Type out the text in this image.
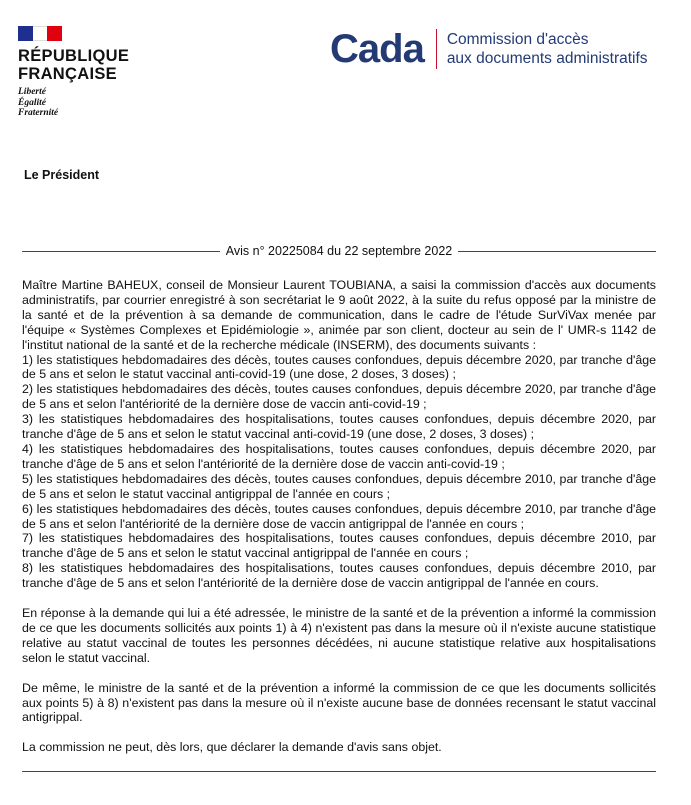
RÉPUBLIQUE
FRANÇAISE
Liberté
Égalité
Fraternité
Cada Commission d'accès
aux documents administratifs
Le Président
Avis n° 20225084 du 22 septembre 2022

Maître Martine BAHEUX, conseil de Monsieur Laurent TOUBIANA, a saisi la commission d'accès aux documents administratifs, par courrier enregistré à son secrétariat le 9 août 2022, à la suite du refus opposé par la ministre de la santé et de la prévention à sa demande de communication, dans le cadre de l'étude SurViVax menée par l'équipe « Systèmes Complexes et Epidémiologie », animée par son client, docteur au sein de l' UMR-s 1142 de l'institut national de la santé et de la recherche médicale (INSERM), des documents suivants :

1) les statistiques hebdomadaires des décès, toutes causes confondues, depuis décembre 2020, par tranche d'âge de 5 ans et selon le statut vaccinal anti-covid-19 (une dose, 2 doses, 3 doses) ;

2) les statistiques hebdomadaires des décès, toutes causes confondues, depuis décembre 2020, par tranche d'âge de 5 ans et selon l'antériorité de la dernière dose de vaccin anti-covid-19 ;

3) les statistiques hebdomadaires des hospitalisations, toutes causes confondues, depuis décembre 2020, par tranche d'âge de 5 ans et selon le statut vaccinal anti-covid-19 (une dose, 2 doses, 3 doses) ;

4) les statistiques hebdomadaires des hospitalisations, toutes causes confondues, depuis décembre 2020, par tranche d'âge de 5 ans et selon l'antériorité de la dernière dose de vaccin anti-covid-19 ;

5) les statistiques hebdomadaires des décès, toutes causes confondues, depuis décembre 2010, par tranche d'âge de 5 ans et selon le statut vaccinal antigrippal de l'année en cours ;

6) les statistiques hebdomadaires des décès, toutes causes confondues, depuis décembre 2010, par tranche d'âge de 5 ans et selon l'antériorité de la dernière dose de vaccin antigrippal de l'année en cours ;

7) les statistiques hebdomadaires des hospitalisations, toutes causes confondues, depuis décembre 2010, par tranche d'âge de 5 ans et selon le statut vaccinal antigrippal de l'année en cours ;

8) les statistiques hebdomadaires des hospitalisations, toutes causes confondues, depuis décembre 2010, par tranche d'âge de 5 ans et selon l'antériorité de la dernière dose de vaccin antigrippal de l'année en cours.

En réponse à la demande qui lui a été adressée, le ministre de la santé et de la prévention a informé la commission de ce que les documents sollicités aux points 1) à 4) n'existent pas dans la mesure où il n'existe aucune statistique relative au statut vaccinal de toutes les personnes décédées, ni aucune statistique relative aux hospitalisations selon le statut vaccinal.

De même, le ministre de la santé et de la prévention a informé la commission de ce que les documents sollicités aux points 5) à 8) n'existent pas dans la mesure où il n'existe aucune base de données recensant le statut vaccinal antigrippal.

La commission ne peut, dès lors, que déclarer la demande d'avis sans objet.
